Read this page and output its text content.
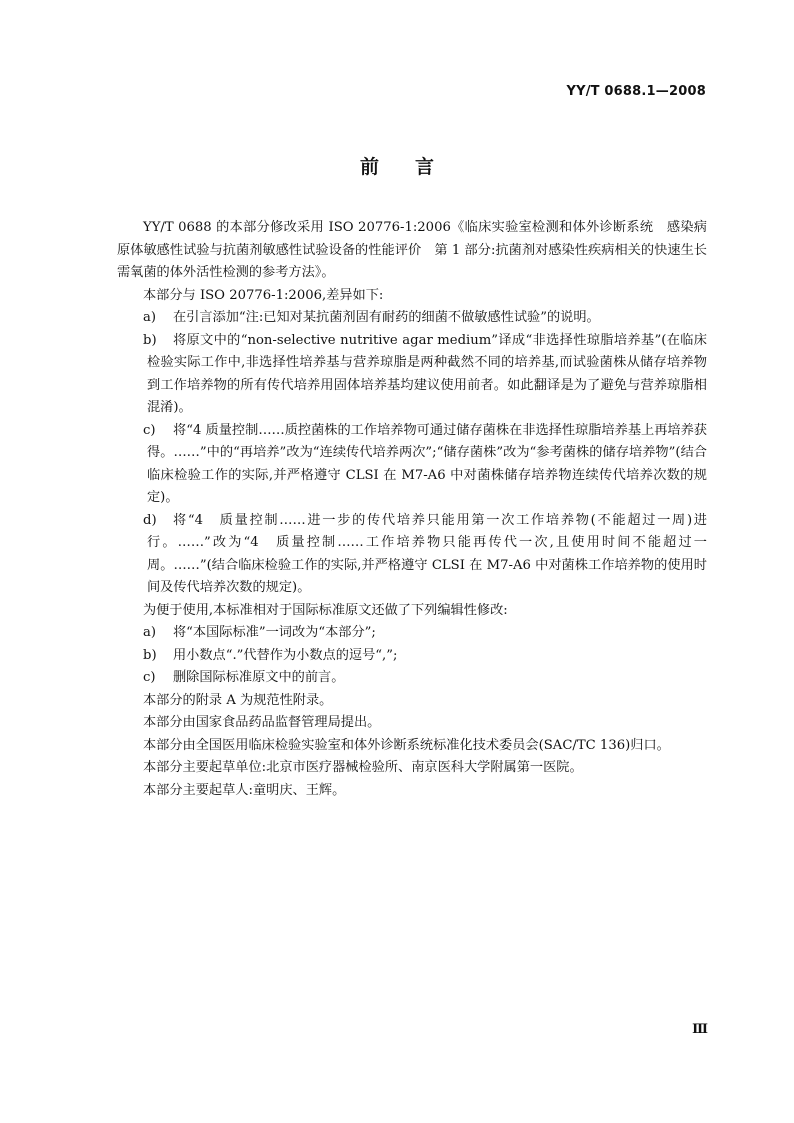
YY/T 0688.1—2008
前言

YY/T 0688 的本部分修改采用 ISO 20776-1:2006《临床实验室检测和体外诊断系统　感染病原体敏感性试验与抗菌剂敏感性试验设备的性能评价　第 1 部分:抗菌剂对感染性疾病相关的快速生长需氧菌的体外活性检测的参考方法》。

本部分与 ISO 20776-1:2006,差异如下:

a) 在引言添加“注:已知对某抗菌剂固有耐药的细菌不做敏感性试验”的说明。

b) 将原文中的“non-selective nutritive agar medium”译成“非选择性琼脂培养基”(在临床检验实际工作中,非选择性培养基与营养琼脂是两种截然不同的培养基,而试验菌株从储存培养物到工作培养物的所有传代培养用固体培养基均建议使用前者。如此翻译是为了避免与营养琼脂相混淆)。

c) 将“4 质量控制……质控菌株的工作培养物可通过储存菌株在非选择性琼脂培养基上再培养获得。……”中的“再培养”改为“连续传代培养两次”;“储存菌株”改为“参考菌株的储存培养物”(结合临床检验工作的实际,并严格遵守 CLSI 在 M7-A6 中对菌株储存培养物连续传代培养次数的规定)。

d) 将“4　质量控制……进一步的传代培养只能用第一次工作培养物(不能超过一周)进行。……”改为“4　质量控制……工作培养物只能再传代一次,且使用时间不能超过一周。……”(结合临床检验工作的实际,并严格遵守 CLSI 在 M7-A6 中对菌株工作培养物的使用时间及传代培养次数的规定)。

为便于使用,本标准相对于国际标准原文还做了下列编辑性修改:

a) 将“本国际标准”一词改为“本部分”;

b) 用小数点“.”代替作为小数点的逗号“,”;

c) 删除国际标准原文中的前言。

本部分的附录 A 为规范性附录。

本部分由国家食品药品监督管理局提出。

本部分由全国医用临床检验实验室和体外诊断系统标准化技术委员会(SAC/TC 136)归口。

本部分主要起草单位:北京市医疗器械检验所、南京医科大学附属第一医院。

本部分主要起草人:童明庆、王辉。

Ⅲ
